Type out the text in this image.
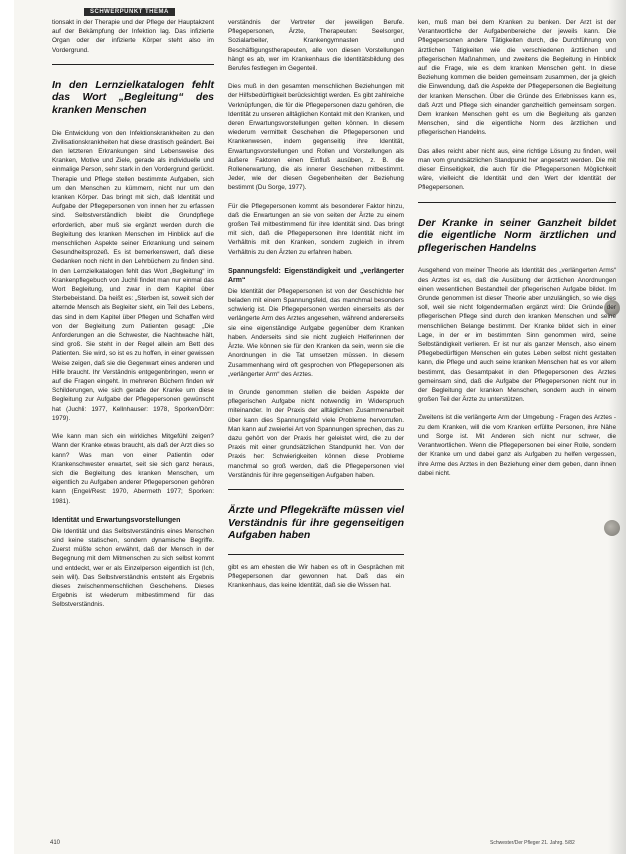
SCHWERPUNKT THEMA

tionsakt in der Therapie und der Pflege der Hauptakzent auf der Bekämpfung der Infektion lag. Das infizierte Organ oder der infizierte Körper steht also im Vordergrund.

In den Lernzielkatalogen fehlt das Wort „Begleitung“ des kranken Menschen

Die Entwicklung von den Infektionskrankheiten zu den Zivilisationskrankheiten hat diese drastisch geändert. Bei den letzteren Erkrankungen sind Lebensweise des Kranken, Motive und Ziele, gerade als individuelle und einmalige Person, sehr stark in den Vordergrund gerückt. Therapie und Pflege stellen bestimmte Aufgaben, sich um den Menschen zu kümmern, nicht nur um den kranken Körper. Das bringt mit sich, daß Identität und Aufgabe der Pflegepersonen von innen her zu erfassen sind. Selbstverständlich bleibt die Grundpflege erforderlich, aber muß sie ergänzt werden durch die Begleitung des kranken Menschen im Hinblick auf die menschlichen Aspekte seiner Erkrankung und seinem Gesundheitsprozeß. Es ist bemerkenswert, daß diese Gedanken noch nicht in den Lehrbüchern zu finden sind. In den Lernzielkatalogen fehlt das Wort „Begleitung“ im Krankenpflegebuch von Juchli findet man nur einmal das Wort Begleitung, und zwar in dem Kapitel über Sterbebeistand. Da heißt es: „Sterben ist, soweit sich der alternde Mensch als Begleiter sieht, ein Teil des Lebens, das sind in dem Kapitel über Pflegen und Schaffen wird von der Begleitung zum Patienten gesagt: „Die Anforderungen an die Schwester, die Nachtwache hält, sind groß. Sie steht in der Regel allein am Bett des Patienten. Sie wird, so ist es zu hoffen, in einer gewissen Weise zeigen, daß sie die Gegenwart eines anderen und Hilfe braucht. Ihr Verständnis entgegenbringen, wenn er auf die Fragen eingeht. In mehreren Büchern finden wir Schilderungen, wie sich gerade der Kranke um diese Begleitung zur Aufgabe der Pflegepersonen gewünscht hat (Juchli: 1977, Kellnhauser: 1978, Sporken/Dörr: 1979).

Wie kann man sich ein wirkliches Mitgefühl zeigen? Wann der Kranke etwas braucht, als daß der Arzt dies so kann? Was man von einer Patientin oder Krankenschwester erwartet, seit sie sich ganz heraus, sich die Begleitung des kranken Menschen, um eigentlich zu Aufgaben anderer Pflegepersonen gehören kann (Engel/Rest: 1970, Abermeth 1977; Sporken: 1981).

Identität und Erwartungsvorstellungen

Die Identität und das Selbstverständnis eines Menschen sind keine statischen, sondern dynamische Begriffe. Zuerst müßte schon erwähnt, daß der Mensch in der Begegnung mit dem Mitmenschen zu sich selbst kommt und entdeckt, wer er als Einzelperson eigentlich ist (Ich, sein will). Das Selbstverständnis entsteht als Ergebnis dieses zwischenmenschlichen Geschehens. Dieses Ergebnis ist wiederum mitbestimmend für das Selbstverständnis.

verständnis der Vertreter der jeweiligen Berufe. Pflegepersonen, Ärzte, Therapeuten: Seelsorger, Sozialarbeiter, Krankengymnasten und Beschäftigungstherapeuten, alle von diesen Vorstellungen hängt es ab, wer im Krankenhaus die Identitätsbildung des Berufes festlegen im Gegenteil.

Dies muß in den gesamten menschlichen Beziehungen mit der Hilfsbedürftigkeit berücksichtigt werden. Es gibt zahlreiche Verknüpfungen, die für die Pflegepersonen dazu gehören, die Identität zu unseren alltäglichen Kontakt mit den Kranken, und deren Erwartungsvorstellungen gelten können. In diesem wiederum vermittelt Geschehen die Pflegepersonen und Krankenwesen, indem gegenseitig ihre Identität, Erwartungsvorstellungen und Rollen und Vorstellungen als äußere Faktoren einen Einfluß ausüben, z. B. die Rollenerwartung, die als innerer Geschehen mitbestimmt. Jeder, wie der diesen Gegebenheiten der Beziehung bestimmt (Du Sorge, 1977).

Für die Pflegepersonen kommt als besonderer Faktor hinzu, daß die Erwartungen an sie von seiten der Ärzte zu einem großen Teil mitbestimmend für ihre Identität sind. Das bringt mit sich, daß die Pflegepersonen ihre Identität nicht im Verhältnis mit den Kranken, sondern zugleich in ihrem Verhältnis zu den Ärzten zu erfahren haben.

Spannungsfeld: Eigenständigkeit und „verlängerter Arm“

Die Identität der Pflegepersonen ist von der Geschichte her beladen mit einem Spannungsfeld, das manchmal besonders schwierig ist. Die Pflegepersonen werden einerseits als der verlängerte Arm des Arztes angesehen, während andererseits sie eine eigenständige Aufgabe gegenüber dem Kranken haben. Anderseits sind sie nicht zugleich Helferinnen der Ärzte. Wie können sie für den Kranken da sein, wenn sie die Anordnungen in die Tat umsetzen müssen. In diesem Zusammenhang wird oft gesprochen von Pflegepersonen als „verlängerter Arm“ des Arztes.

In Grunde genommen stellen die beiden Aspekte der pflegerischen Aufgabe nicht notwendig im Widerspruch miteinander. In der Praxis der alltäglichen Zusammenarbeit über kann dies Spannungsfeld viele Probleme hervorrufen. Man kann auf zweierlei Art von Spannungen sprechen, das zu dazu gehört von der Praxis her geleistet wird, die zu der Praxis mit einer grundsätzlichen Standpunkt her. Von der Praxis her: Schwierigkeiten können diese Probleme manchmal so groß werden, daß die Pflegepersonen viel Verständnis für ihre gegenseitigen Aufgaben haben.

Ärzte und Pflegekräfte müssen viel Verständnis für ihre gegenseitigen Aufgaben haben

gibt es am ehesten die Wir haben es oft in Gesprächen mit Pflegepersonen dar gewonnen hat. Daß das ein Krankenhaus, das keine Identität, daß sie die Wissen hat.

ken, muß man bei dem Kranken zu benken. Der Arzt ist der Verantwortliche der Aufgabenbereiche der jeweils kann. Die Pflegepersonen andere Tätigkeiten durch, die Durchführung von ärztlichen Tätigkeiten wie die verschiedenen ärztlichen und pflegerischen Maßnahmen, und zweitens die Begleitung in Hinblick auf die Frage, wie es dem kranken Menschen geht. In diese Beziehung kommen die beiden gemeinsam zusammen, der ja gleich die Einwendung, daß die Aspekte der Pflegepersonen die Begleitung der kranken Menschen. Über die Gründe des Erlebnisses kann es, daß Arzt und Pflege sich einander ganzheitlich gemeinsam sorgen. Dem kranken Menschen geht es um die Begleitung als ganzen Menschen, sind die eigentliche Norm des ärztlichen und pflegerischen Handelns.

Das alles reicht aber nicht aus, eine richtige Lösung zu finden, weil man vom grundsätzlichen Standpunkt her angesetzt werden. Die mit dieser Einseitigkeit, die auch für die Pflegepersonen Möglichkeit wäre, vielleicht die Identität und den Wert der Identität der Pflegepersonen.

Der Kranke in seiner Ganzheit bildet die eigentliche Norm ärztlichen und pflegerischen Handelns

Ausgehend von meiner Theorie als Identität des „verlängerten Arms“ des Arztes ist es, daß die Ausübung der ärztlichen Anordnungen einen wesentlichen Bestandteil der pflegerischen Aufgabe bildet. Im Grunde genommen ist dieser Theorie aber unzulänglich, so wie dies soll, weil sie nicht folgendermaßen ergänzt wird: Die Gründe der pflegerischen Pflege sind durch den kranken Menschen und seine menschlichen Belange bestimmt. Der Kranke bildet sich in einer Lage, in der er im bestimmten Sinn genommen wird, seine Selbständigkeit verlieren. Er ist nur als ganzer Mensch, also einem Pflegebedürftigen Menschen ein gutes Leben selbst nicht gestalten kann, die Pflege und auch seine kranken Menschen hat es vor allem bestimmt, das Gesamtpaket in den Pflegepersonen des Arztes gemeinsam sind, daß die Aufgabe der Pflegepersonen nicht nur in der Begleitung der kranken Menschen, sondern auch in einem großen Teil der Ärzte zu unterstützen.

Zweitens ist die verlängerte Arm der Umgebung - Fragen des Arztes - zu dem Kranken, will die vom Kranken erfüllte Personen, ihre Nähe und Sorge ist. Mit Anderen sich nicht nur schwer, die Verantwortlichen. Wenn die Pflegepersonen bei einer Rolle, sondern der Kranke um und dabei ganz als Aufgaben zu helfen vergessen, ihre Arme des Arztes in den Beziehung einer dem geben, dann ihnen dabei nicht.

410	Schwester/Der Pfleger 21. Jahrg. 5/82
